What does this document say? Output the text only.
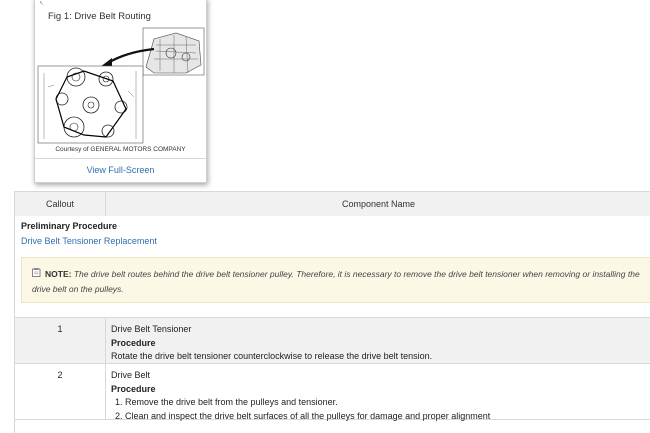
↖
Fig 1: Drive Belt Routing
Courtesy of GENERAL MOTORS COMPANY
View Full-Screen
Callout	Component Name
Preliminary Procedure
Drive Belt Tensioner Replacement
NOTE: The drive belt routes behind the drive belt tensioner pulley. Therefore, it is necessary to remove the drive belt tensioner when removing or installing the drive belt on the pulleys.
1	Drive Belt Tensioner
Procedure
Rotate the drive belt tensioner counterclockwise to release the drive belt tension.
2	Drive Belt
Procedure
1. Remove the drive belt from the pulleys and tensioner.
2. Clean and inspect the drive belt surfaces of all the pulleys for damage and proper alignment
